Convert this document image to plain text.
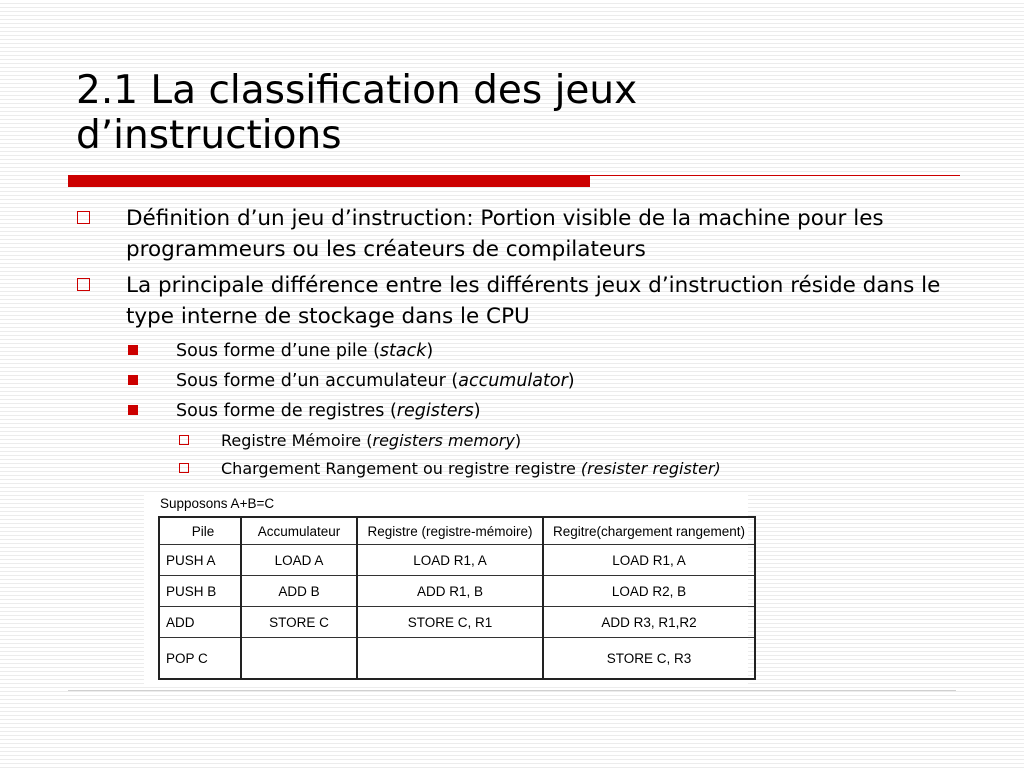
2.1 La classification des jeux
d’instructions
Définition d’un jeu d’instruction: Portion visible de la machine pour les programmeurs ou les créateurs de compilateurs
La principale différence entre les différents jeux d’instruction réside dans le type interne de stockage dans le CPU
Sous forme d’une pile (stack)
Sous forme d’un accumulateur (accumulator)
Sous forme de registres (registers)
Registre Mémoire (registers memory)
Chargement Rangement ou registre registre (resister register)
Supposons A+B=C
Pile	Accumulateur	Registre (registre-mémoire)	Regitre(chargement rangement)
PUSH A	LOAD A	LOAD R1, A	LOAD R1, A
PUSH B	ADD B	ADD R1, B	LOAD R2, B
ADD	STORE C	STORE C, R1	ADD R3, R1,R2
POP C			STORE C, R3
